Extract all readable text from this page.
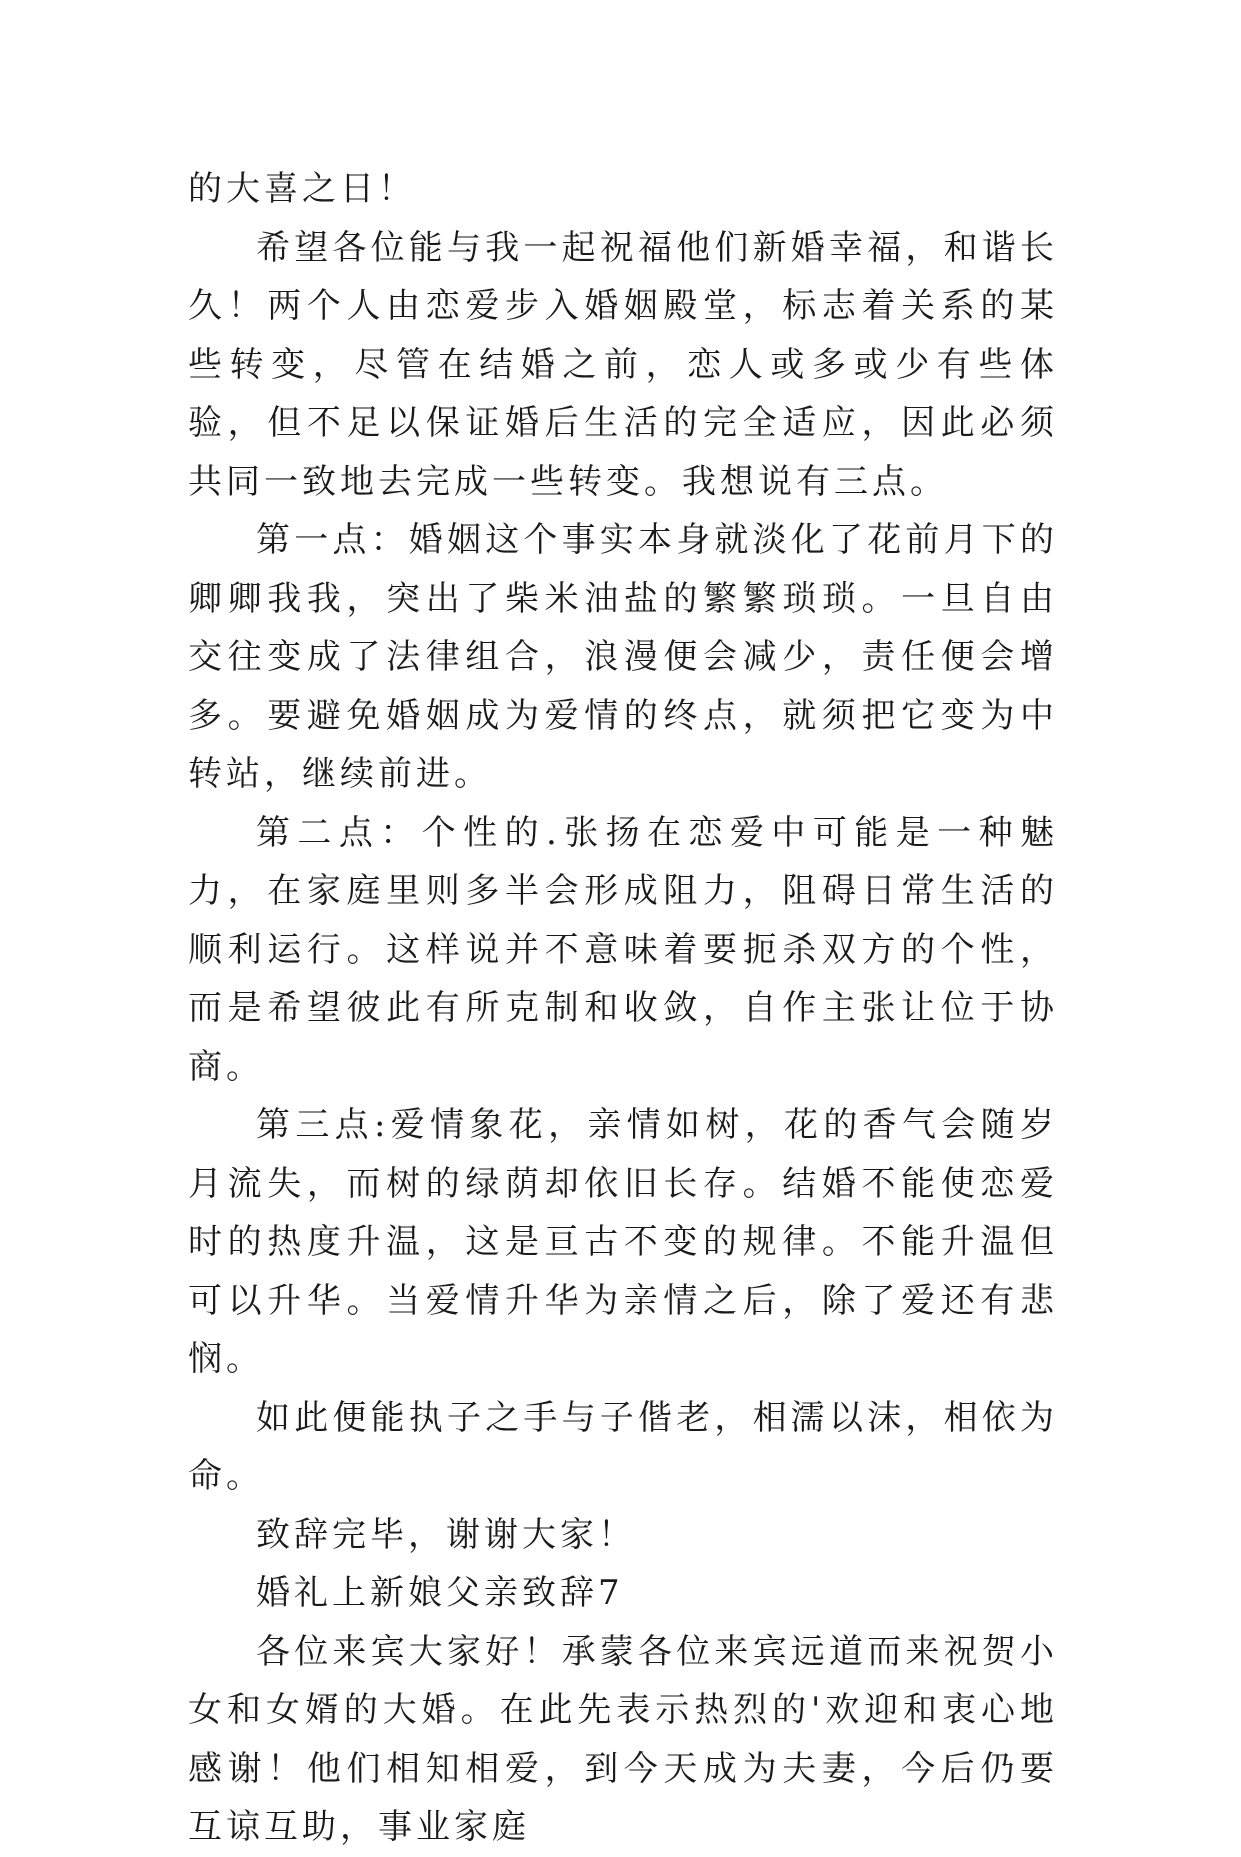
的大喜之日！

希望各位能与我一起祝福他们新婚幸福，和谐长久！两个人由恋爱步入婚姻殿堂，标志着关系的某些转变，尽管在结婚之前，恋人或多或少有些体验，但不足以保证婚后生活的完全适应，因此必须共同一致地去完成一些转变。我想说有三点。

第一点：婚姻这个事实本身就淡化了花前月下的卿卿我我，突出了柴米油盐的繁繁琐琐。一旦自由交往变成了法律组合，浪漫便会减少，责任便会增多。要避免婚姻成为爱情的终点，就须把它变为中转站，继续前进。

第二点：个性的.张扬在恋爱中可能是一种魅力，在家庭里则多半会形成阻力，阻碍日常生活的顺利运行。这样说并不意味着要扼杀双方的个性，而是希望彼此有所克制和收敛，自作主张让位于协商。

第三点:爱情象花，亲情如树，花的香气会随岁月流失，而树的绿荫却依旧长存。结婚不能使恋爱时的热度升温，这是亘古不变的规律。不能升温但可以升华。当爱情升华为亲情之后，除了爱还有悲悯。

如此便能执子之手与子偕老，相濡以沫，相依为命。

致辞完毕，谢谢大家！

婚礼上新娘父亲致辞7

各位来宾大家好！承蒙各位来宾远道而来祝贺小女和女婿的大婚。在此先表示热烈的'欢迎和衷心地感谢！他们相知相爱，到今天成为夫妻，今后仍要互谅互助，事业家庭
